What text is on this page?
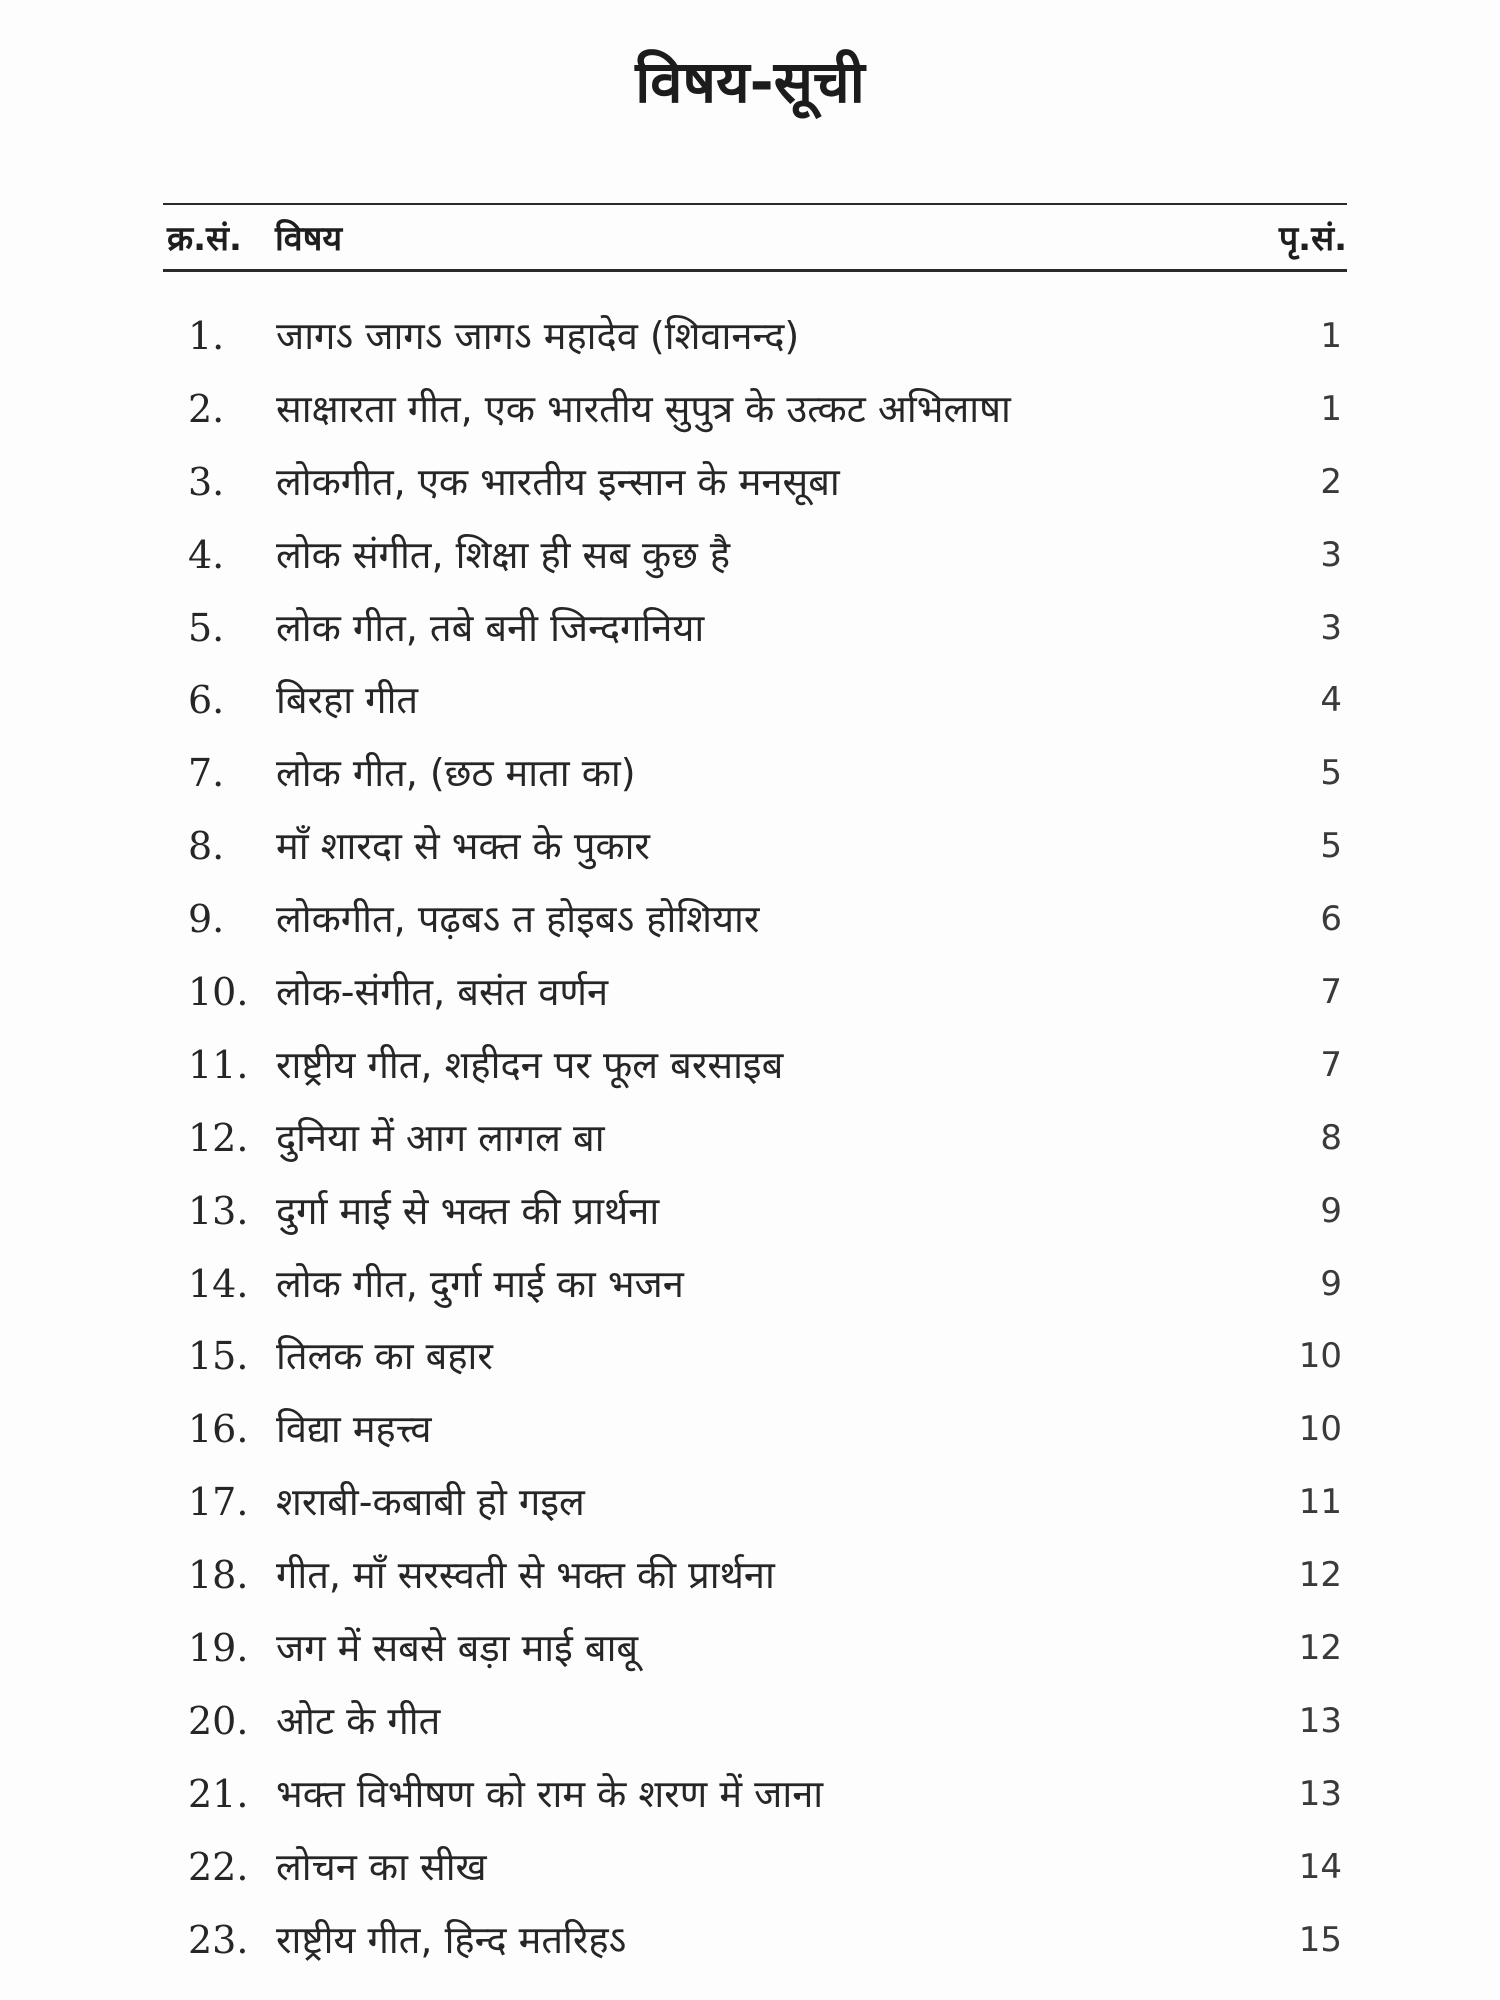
विषय-सूची
क्र.सं. विषय	पृ.सं.
1.	जागऽ जागऽ जागऽ महादेव (शिवानन्द)	1
2.	साक्षारता गीत, एक भारतीय सुपुत्र के उत्कट अभिलाषा	1
3.	लोकगीत, एक भारतीय इन्सान के मनसूबा	2
4.	लोक संगीत, शिक्षा ही सब कुछ है	3
5.	लोक गीत, तबे बनी जिन्दगनिया	3
6.	बिरहा गीत	4
7.	लोक गीत, (छठ माता का)	5
8.	माँ शारदा से भक्त के पुकार	5
9.	लोकगीत, पढ़बऽ त होइबऽ होशियार	6
10. लोक-संगीत, बसंत वर्णन	7
11. राष्ट्रीय गीत, शहीदन पर फूल बरसाइब	7
12. दुनिया में आग लागल बा	8
13. दुर्गा माई से भक्त की प्रार्थना	9
14. लोक गीत, दुर्गा माई का भजन	9
15. तिलक का बहार	10
16. विद्या महत्त्व	10
17. शराबी-कबाबी हो गइल	11
18. गीत, माँ सरस्वती से भक्त की प्रार्थना	12
19. जग में सबसे बड़ा माई बाबू	12
20. ओट के गीत	13
21. भक्त विभीषण को राम के शरण में जाना	13
22. लोचन का सीख	14
23. राष्ट्रीय गीत, हिन्द मतरिहऽ	15
